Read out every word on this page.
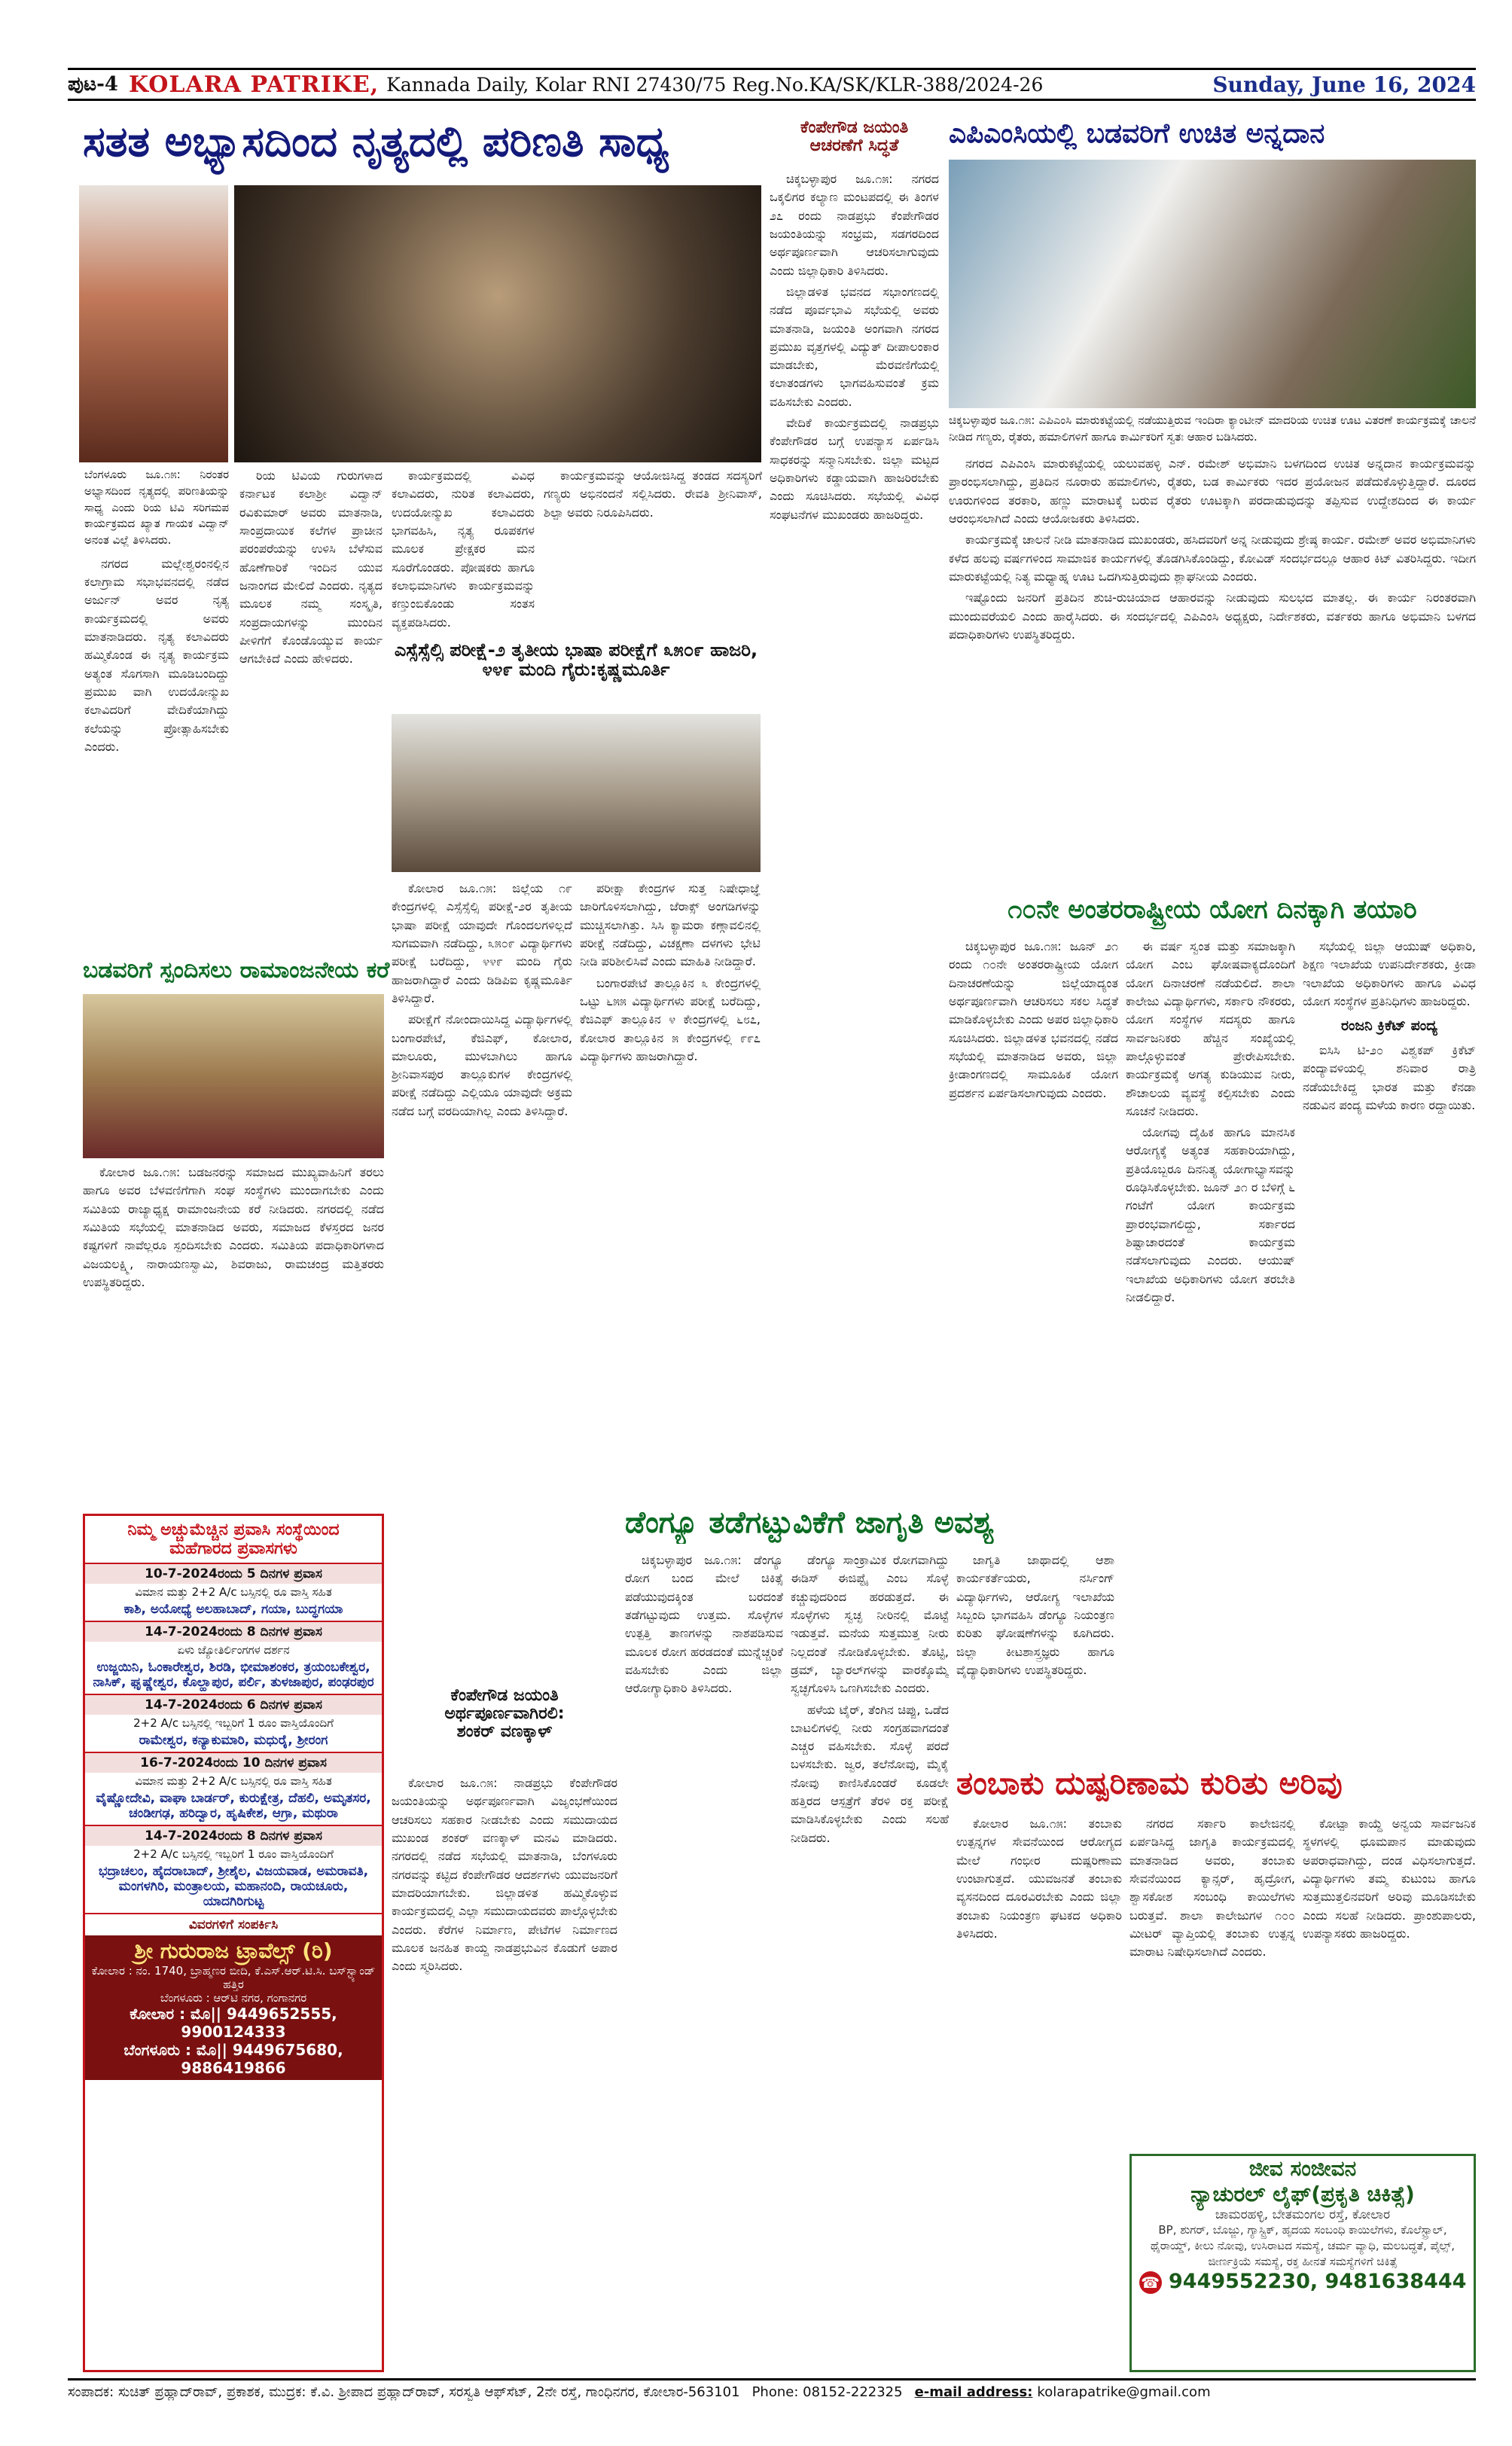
ಪುಟ-4 KOLARA PATRIKE, Kannada Daily, Kolar RNI 27430/75 Reg.No.KA/SK/KLR-388/2024-26	Sunday, June 16, 2024
ಸತತ ಅಭ್ಯಾಸದಿಂದ ನೃತ್ಯದಲ್ಲಿ ಪರಿಣತಿ ಸಾಧ್ಯ
ಬೆಂಗಳೂರು ಜೂ.೧೫: ನಿರಂತರ ಅಭ್ಯಾಸದಿಂದ ನೃತ್ಯದಲ್ಲಿ ಪರಿಣತಿಯನ್ನು ಸಾಧ್ಯ ಎಂದು ರಿಯ ಟಿವಿ ಸರಿಗಮಪ ಕಾರ್ಯಕ್ರಮದ ಖ್ಯಾತ ಗಾಯಕ ವಿದ್ವಾನ್ ಅನಂತ ವಿಲ್ಲೆ ತಿಳಿಸಿದರು.

ನಗರದ ಮಲ್ಲೇಶ್ವರಂನಲ್ಲಿನ ಕಲಾಗ್ರಾಮ ಸಭಾಭವನದಲ್ಲಿ ನಡೆದ ಅರ್ಜುನ್ ಅವರ ನೃತ್ಯ ಕಾರ್ಯಕ್ರಮದಲ್ಲಿ ಅವರು ಮಾತನಾಡಿದರು. ನೃತ್ಯ ಕಲಾವಿದರು ಹಮ್ಮಿಕೊಂಡ ಈ ನೃತ್ಯ ಕಾರ್ಯಕ್ರಮ ಅತ್ಯಂತ ಸೊಗಸಾಗಿ ಮೂಡಿಬಂದಿದ್ದು ಪ್ರಮುಖ ವಾಗಿ ಉದಯೋನ್ಮುಖ ಕಲಾವಿದರಿಗೆ ವೇದಿಕೆಯಾಗಿದ್ದು ಕಲೆಯನ್ನು ಪ್ರೋತ್ಸಾಹಿಸಬೇಕು ಎಂದರು.

ರಿಯ ಟಿವಿಯ ಗುರುಗಳಾದ ಕರ್ನಾಟಕ ಕಲಾಶ್ರೀ ವಿದ್ವಾನ್ ರವಿಕುಮಾರ್ ಅವರು ಮಾತನಾಡಿ, ಸಾಂಪ್ರದಾಯಿಕ ಕಲೆಗಳ ಪ್ರಾಚೀನ ಪರಂಪರೆಯನ್ನು ಉಳಿಸಿ ಬೆಳೆಸುವ ಹೊಣೆಗಾರಿಕೆ ಇಂದಿನ ಯುವ ಜನಾಂಗದ ಮೇಲಿದೆ ಎಂದರು. ನೃತ್ಯದ ಮೂಲಕ ನಮ್ಮ ಸಂಸ್ಕೃತಿ, ಸಂಪ್ರದಾಯಗಳನ್ನು ಮುಂದಿನ ಪೀಳಿಗೆಗೆ ಕೊಂಡೊಯ್ಯುವ ಕಾರ್ಯ ಆಗಬೇಕಿದೆ ಎಂದು ಹೇಳಿದರು.

ಕಾರ್ಯಕ್ರಮದಲ್ಲಿ ವಿವಿಧ ಕಲಾವಿದರು, ನುರಿತ ಕಲಾವಿದರು, ಉದಯೋನ್ಮುಖ ಕಲಾವಿದರು ಭಾಗವಹಿಸಿ, ನೃತ್ಯ ರೂಪಕಗಳ ಮೂಲಕ ಪ್ರೇಕ್ಷಕರ ಮನ ಸೂರೆಗೊಂಡರು. ಪೋಷಕರು ಹಾಗೂ ಕಲಾಭಿಮಾನಿಗಳು ಕಾರ್ಯಕ್ರಮವನ್ನು ಕಣ್ತುಂಬಿಕೊಂಡು ಸಂತಸ ವ್ಯಕ್ತಪಡಿಸಿದರು.

ಕಾರ್ಯಕ್ರಮವನ್ನು ಆಯೋಜಿಸಿದ್ದ ತಂಡದ ಸದಸ್ಯರಿಗೆ ಗಣ್ಯರು ಅಭಿನಂದನೆ ಸಲ್ಲಿಸಿದರು. ರೇವತಿ ಶ್ರೀನಿವಾಸ್, ಶಿಲ್ಪಾ ಅವರು ನಿರೂಪಿಸಿದರು.

ಎಸ್ಸೆಸ್ಸೆಲ್ಸಿ ಪರೀಕ್ಷೆ-೨ ತೃತೀಯ ಭಾಷಾ ಪರೀಕ್ಷೆಗೆ ೩೫೦೯ ಹಾಜರಿ, ೪೪೯ ಮಂದಿ ಗೈರು:ಕೃಷ್ಣಮೂರ್ತಿ

ಕೋಲಾರ ಜೂ.೧೫: ಜಿಲ್ಲೆಯ ೧೯ ಕೇಂದ್ರಗಳಲ್ಲಿ ಎಸ್ಸೆಸ್ಸೆಲ್ಸಿ ಪರೀಕ್ಷೆ-೨ರ ತೃತೀಯ ಭಾಷಾ ಪರೀಕ್ಷೆ ಯಾವುದೇ ಗೊಂದಲಗಳಿಲ್ಲದೆ ಸುಗಮವಾಗಿ ನಡೆದಿದ್ದು, ೩೫೦೯ ವಿದ್ಯಾರ್ಥಿಗಳು ಪರೀಕ್ಷೆ ಬರೆದಿದ್ದು, ೪೪೯ ಮಂದಿ ಗೈರು ಹಾಜರಾಗಿದ್ದಾರೆ ಎಂದು ಡಿಡಿಪಿಐ ಕೃಷ್ಣಮೂರ್ತಿ ತಿಳಿಸಿದ್ದಾರೆ.

ಪರೀಕ್ಷೆಗೆ ನೋಂದಾಯಿಸಿದ್ದ ವಿದ್ಯಾರ್ಥಿಗಳಲ್ಲಿ ಬಂಗಾರಪೇಟೆ, ಕೆಜಿಎಫ್, ಕೋಲಾರ, ಮಾಲೂರು, ಮುಳಬಾಗಿಲು ಹಾಗೂ ಶ್ರೀನಿವಾಸಪುರ ತಾಲ್ಲೂಕುಗಳ ಕೇಂದ್ರಗಳಲ್ಲಿ ಪರೀಕ್ಷೆ ನಡೆದಿದ್ದು ಎಲ್ಲಿಯೂ ಯಾವುದೇ ಅಕ್ರಮ ನಡೆದ ಬಗ್ಗೆ ವರದಿಯಾಗಿಲ್ಲ ಎಂದು ತಿಳಿಸಿದ್ದಾರೆ.

ಪರೀಕ್ಷಾ ಕೇಂದ್ರಗಳ ಸುತ್ತ ನಿಷೇಧಾಜ್ಞೆ ಜಾರಿಗೊಳಿಸಲಾಗಿದ್ದು, ಜೆರಾಕ್ಸ್ ಅಂಗಡಿಗಳನ್ನು ಮುಚ್ಚಿಸಲಾಗಿತ್ತು. ಸಿಸಿ ಕ್ಯಾಮರಾ ಕಣ್ಗಾವಲಿನಲ್ಲಿ ಪರೀಕ್ಷೆ ನಡೆದಿದ್ದು, ವಿಚಕ್ಷಣಾ ದಳಗಳು ಭೇಟಿ ನೀಡಿ ಪರಿಶೀಲಿಸಿವೆ ಎಂದು ಮಾಹಿತಿ ನೀಡಿದ್ದಾರೆ.

ಬಂಗಾರಪೇಟೆ ತಾಲ್ಲೂಕಿನ ೩ ಕೇಂದ್ರಗಳಲ್ಲಿ ಒಟ್ಟು ೬೫೫ ವಿದ್ಯಾರ್ಥಿಗಳು ಪರೀಕ್ಷೆ ಬರೆದಿದ್ದು, ಕೆಜಿಎಫ್ ತಾಲ್ಲೂಕಿನ ೪ ಕೇಂದ್ರಗಳಲ್ಲಿ ೬೮೭, ಕೋಲಾರ ತಾಲ್ಲೂಕಿನ ೫ ಕೇಂದ್ರಗಳಲ್ಲಿ ೯೯೭ ವಿದ್ಯಾರ್ಥಿಗಳು ಹಾಜರಾಗಿದ್ದಾರೆ.

ಕೆಂಪೇಗೌಡ ಜಯಂತಿ
ಆಚರಣೆಗೆ ಸಿದ್ಧತೆ

ಚಿಕ್ಕಬಳ್ಳಾಪುರ ಜೂ.೧೫: ನಗರದ ಒಕ್ಕಲಿಗರ ಕಲ್ಯಾಣ ಮಂಟಪದಲ್ಲಿ ಈ ತಿಂಗಳ ೨೭ ರಂದು ನಾಡಪ್ರಭು ಕೆಂಪೇಗೌಡರ ಜಯಂತಿಯನ್ನು ಸಂಭ್ರಮ, ಸಡಗರದಿಂದ ಅರ್ಥಪೂರ್ಣವಾಗಿ ಆಚರಿಸಲಾಗುವುದು ಎಂದು ಜಿಲ್ಲಾಧಿಕಾರಿ ತಿಳಿಸಿದರು.

ಜಿಲ್ಲಾಡಳಿತ ಭವನದ ಸಭಾಂಗಣದಲ್ಲಿ ನಡೆದ ಪೂರ್ವಭಾವಿ ಸಭೆಯಲ್ಲಿ ಅವರು ಮಾತನಾಡಿ, ಜಯಂತಿ ಅಂಗವಾಗಿ ನಗರದ ಪ್ರಮುಖ ವೃತ್ತಗಳಲ್ಲಿ ವಿದ್ಯುತ್ ದೀಪಾಲಂಕಾರ ಮಾಡಬೇಕು, ಮೆರವಣಿಗೆಯಲ್ಲಿ ಕಲಾತಂಡಗಳು ಭಾಗವಹಿಸುವಂತೆ ಕ್ರಮ ವಹಿಸಬೇಕು ಎಂದರು.

ವೇದಿಕೆ ಕಾರ್ಯಕ್ರಮದಲ್ಲಿ ನಾಡಪ್ರಭು ಕೆಂಪೇಗೌಡರ ಬಗ್ಗೆ ಉಪನ್ಯಾಸ ಏರ್ಪಡಿಸಿ ಸಾಧಕರನ್ನು ಸನ್ಮಾನಿಸಬೇಕು. ಜಿಲ್ಲಾ ಮಟ್ಟದ ಅಧಿಕಾರಿಗಳು ಕಡ್ಡಾಯವಾಗಿ ಹಾಜರಿರಬೇಕು ಎಂದು ಸೂಚಿಸಿದರು. ಸಭೆಯಲ್ಲಿ ವಿವಿಧ ಸಂಘಟನೆಗಳ ಮುಖಂಡರು ಹಾಜರಿದ್ದರು.

ಬಡವರಿಗೆ ಸ್ಪಂದಿಸಲು ರಾಮಾಂಜನೇಯ ಕರೆ

ಕೋಲಾರ ಜೂ.೧೫: ಬಡಜನರನ್ನು ಸಮಾಜದ ಮುಖ್ಯವಾಹಿನಿಗೆ ತರಲು ಹಾಗೂ ಅವರ ಬೆಳವಣಿಗೆಗಾಗಿ ಸಂಘ ಸಂಸ್ಥೆಗಳು ಮುಂದಾಗಬೇಕು ಎಂದು ಸಮಿತಿಯ ರಾಜ್ಯಾಧ್ಯಕ್ಷ ರಾಮಾಂಜನೇಯ ಕರೆ ನೀಡಿದರು. ನಗರದಲ್ಲಿ ನಡೆದ ಸಮಿತಿಯ ಸಭೆಯಲ್ಲಿ ಮಾತನಾಡಿದ ಅವರು, ಸಮಾಜದ ಕೆಳಸ್ತರದ ಜನರ ಕಷ್ಟಗಳಿಗೆ ನಾವೆಲ್ಲರೂ ಸ್ಪಂದಿಸಬೇಕು ಎಂದರು. ಸಮಿತಿಯ ಪದಾಧಿಕಾರಿಗಳಾದ ವಿಜಯಲಕ್ಷ್ಮಿ, ನಾರಾಯಣಸ್ವಾಮಿ, ಶಿವರಾಜು, ರಾಮಚಂದ್ರ ಮತ್ತಿತರರು ಉಪಸ್ಥಿತರಿದ್ದರು.

ನಿಮ್ಮ ಅಚ್ಚುಮೆಚ್ಚಿನ ಪ್ರವಾಸಿ ಸಂಸ್ಥೆಯಿಂದ
ಮಹೆಗಾರದ ಪ್ರವಾಸಗಳು
10-7-2024ರಂದು 5 ದಿನಗಳ ಪ್ರವಾಸ
ವಿಮಾನ ಮತ್ತು 2+2 A/c ಬಸ್ಸಿನಲ್ಲಿ ರೂ ವಾಸ್ತಿ ಸಹಿತ
ಕಾಶಿ, ಅಯೋಧ್ಯೆ ಅಲಹಾಬಾದ್, ಗಯಾ, ಬುದ್ಧಗಯಾ
14-7-2024ರಂದು 8 ದಿನಗಳ ಪ್ರವಾಸ
ಏಳು ಜ್ಯೋತಿರ್ಲಿಂಗಗಳ ದರ್ಶನ
ಉಜ್ಜಯಿನಿ, ಓಂಕಾರೇಶ್ವರ, ಶಿರಡಿ, ಭೀಮಾಶಂಕರ, ತ್ರಯಂಬಕೇಶ್ವರ, ನಾಸಿಕ್, ಘೃಷ್ಣೇಶ್ವರ, ಕೊಲ್ಹಾಪುರ, ಪರ್ಲಿ, ತುಳಜಾಪುರ, ಪಂಢರಪುರ
14-7-2024ರಂದು 6 ದಿನಗಳ ಪ್ರವಾಸ
2+2 A/c ಬಸ್ಸಿನಲ್ಲಿ ಇಬ್ಬರಿಗೆ 1 ರೂಂ ವಾಸ್ತಿಯೊಂದಿಗೆ
ರಾಮೇಶ್ವರ, ಕನ್ಯಾಕುಮಾರಿ, ಮಧುರೈ, ಶ್ರೀರಂಗ
16-7-2024ರಂದು 10 ದಿನಗಳ ಪ್ರವಾಸ
ವಿಮಾನ ಮತ್ತು 2+2 A/c ಬಸ್ಸಿನಲ್ಲಿ ರೂ ವಾಸ್ತಿ ಸಹಿತ
ವೈಷ್ಣೋದೇವಿ, ವಾಘಾ ಬಾರ್ಡರ್, ಕುರುಕ್ಷೇತ್ರ, ದೆಹಲಿ, ಅಮೃತಸರ, ಚಂಡೀಗಢ, ಹರಿದ್ವಾರ, ಹೃಷಿಕೇಶ, ಆಗ್ರಾ, ಮಥುರಾ
14-7-2024ರಂದು 8 ದಿನಗಳ ಪ್ರವಾಸ
2+2 A/c ಬಸ್ಸಿನಲ್ಲಿ ಇಬ್ಬರಿಗೆ 1 ರೂಂ ವಾಸ್ತಿಯೊಂದಿಗೆ
ಭದ್ರಾಚಲಂ, ಹೈದರಾಬಾದ್, ಶ್ರೀಶೈಲ, ವಿಜಯವಾಡ, ಅಮರಾವತಿ, ಮಂಗಳಗಿರಿ, ಮಂತ್ರಾಲಯ, ಮಹಾನಂದಿ, ರಾಯಚೂರು, ಯಾದಗಿರಿಗುಟ್ಟ
ವಿವರಗಳಿಗೆ ಸಂಪರ್ಕಿಸಿ
ಶ್ರೀ ಗುರುರಾಜ ಟ್ರಾವೆಲ್ಸ್ (ರಿ)
ಕೋಲಾರ : ನಂ. 1740, ಬ್ರಾಹ್ಮಣರ ಬೀದಿ, ಕೆ.ಎಸ್.ಆರ್.ಟಿ.ಸಿ. ಬಸ್‌ಸ್ಟ್ಯಾಂಡ್ ಹತ್ತಿರ
ಬೆಂಗಳೂರು : ಆರ್‌ಟಿ ನಗರ, ಗಂಗಾನಗರ
ಕೋಲಾರ : ಮೊ|| 9449652555, 9900124333
ಬೆಂಗಳೂರು : ಮೊ|| 9449675680, 9886419866
ಕೆಂಪೇಗೌಡ ಜಯಂತಿ
ಅರ್ಥಪೂರ್ಣವಾಗಿರಲಿ:
ಶಂಕರ್ ವಣಕ್ಕಾಳ್

ಕೋಲಾರ ಜೂ.೧೫: ನಾಡಪ್ರಭು ಕೆಂಪೇಗೌಡರ ಜಯಂತಿಯನ್ನು ಅರ್ಥಪೂರ್ಣವಾಗಿ ವಿಜೃಂಭಣೆಯಿಂದ ಆಚರಿಸಲು ಸಹಕಾರ ನೀಡಬೇಕು ಎಂದು ಸಮುದಾಯದ ಮುಖಂಡ ಶಂಕರ್ ವಣಕ್ಕಾಳ್ ಮನವಿ ಮಾಡಿದರು. ನಗರದಲ್ಲಿ ನಡೆದ ಸಭೆಯಲ್ಲಿ ಮಾತನಾಡಿ, ಬೆಂಗಳೂರು ನಗರವನ್ನು ಕಟ್ಟಿದ ಕೆಂಪೇಗೌಡರ ಆದರ್ಶಗಳು ಯುವಜನರಿಗೆ ಮಾದರಿಯಾಗಬೇಕು. ಜಿಲ್ಲಾಡಳಿತ ಹಮ್ಮಿಕೊಳ್ಳುವ ಕಾರ್ಯಕ್ರಮದಲ್ಲಿ ಎಲ್ಲಾ ಸಮುದಾಯದವರು ಪಾಲ್ಗೊಳ್ಳಬೇಕು ಎಂದರು. ಕೆರೆಗಳ ನಿರ್ಮಾಣ, ಪೇಟೆಗಳ ನಿರ್ಮಾಣದ ಮೂಲಕ ಜನಹಿತ ಕಾಯ್ದ ನಾಡಪ್ರಭುವಿನ ಕೊಡುಗೆ ಅಪಾರ ಎಂದು ಸ್ಮರಿಸಿದರು.

ಎಪಿಎಂಸಿಯಲ್ಲಿ ಬಡವರಿಗೆ ಉಚಿತ ಅನ್ನದಾನ
ಚಿಕ್ಕಬಳ್ಳಾಪುರ ಜೂ.೧೫: ಎಪಿಎಂಸಿ ಮಾರುಕಟ್ಟೆಯಲ್ಲಿ ನಡೆಯುತ್ತಿರುವ ಇಂದಿರಾ ಕ್ಯಾಂಟೀನ್ ಮಾದರಿಯ ಉಚಿತ ಊಟ ವಿತರಣೆ ಕಾರ್ಯಕ್ರಮಕ್ಕೆ ಚಾಲನೆ ನೀಡಿದ ಗಣ್ಯರು, ರೈತರು, ಹಮಾಲಿಗಳಿಗೆ ಹಾಗೂ ಕಾರ್ಮಿಕರಿಗೆ ಸ್ವತಃ ಆಹಾರ ಬಡಿಸಿದರು.

ನಗರದ ಎಪಿಎಂಸಿ ಮಾರುಕಟ್ಟೆಯಲ್ಲಿ ಯಲುವಹಳ್ಳಿ ಎನ್. ರಮೇಶ್ ಅಭಿಮಾನಿ ಬಳಗದಿಂದ ಉಚಿತ ಅನ್ನದಾನ ಕಾರ್ಯಕ್ರಮವನ್ನು ಪ್ರಾರಂಭಿಸಲಾಗಿದ್ದು, ಪ್ರತಿದಿನ ನೂರಾರು ಹಮಾಲಿಗಳು, ರೈತರು, ಬಡ ಕಾರ್ಮಿಕರು ಇದರ ಪ್ರಯೋಜನ ಪಡೆದುಕೊಳ್ಳುತ್ತಿದ್ದಾರೆ. ದೂರದ ಊರುಗಳಿಂದ ತರಕಾರಿ, ಹಣ್ಣು ಮಾರಾಟಕ್ಕೆ ಬರುವ ರೈತರು ಊಟಕ್ಕಾಗಿ ಪರದಾಡುವುದನ್ನು ತಪ್ಪಿಸುವ ಉದ್ದೇಶದಿಂದ ಈ ಕಾರ್ಯ ಆರಂಭಿಸಲಾಗಿದೆ ಎಂದು ಆಯೋಜಕರು ತಿಳಿಸಿದರು.

ಕಾರ್ಯಕ್ರಮಕ್ಕೆ ಚಾಲನೆ ನೀಡಿ ಮಾತನಾಡಿದ ಮುಖಂಡರು, ಹಸಿದವರಿಗೆ ಅನ್ನ ನೀಡುವುದು ಶ್ರೇಷ್ಠ ಕಾರ್ಯ. ರಮೇಶ್ ಅವರ ಅಭಿಮಾನಿಗಳು ಕಳೆದ ಹಲವು ವರ್ಷಗಳಿಂದ ಸಾಮಾಜಿಕ ಕಾರ್ಯಗಳಲ್ಲಿ ತೊಡಗಿಸಿಕೊಂಡಿದ್ದು, ಕೋವಿಡ್ ಸಂದರ್ಭದಲ್ಲೂ ಆಹಾರ ಕಿಟ್ ವಿತರಿಸಿದ್ದರು. ಇದೀಗ ಮಾರುಕಟ್ಟೆಯಲ್ಲಿ ನಿತ್ಯ ಮಧ್ಯಾಹ್ನ ಊಟ ಒದಗಿಸುತ್ತಿರುವುದು ಶ್ಲಾಘನೀಯ ಎಂದರು.

ಇಷ್ಟೊಂದು ಜನರಿಗೆ ಪ್ರತಿದಿನ ಶುಚಿ-ರುಚಿಯಾದ ಆಹಾರವನ್ನು ನೀಡುವುದು ಸುಲಭದ ಮಾತಲ್ಲ. ಈ ಕಾರ್ಯ ನಿರಂತರವಾಗಿ ಮುಂದುವರೆಯಲಿ ಎಂದು ಹಾರೈಸಿದರು. ಈ ಸಂದರ್ಭದಲ್ಲಿ ಎಪಿಎಂಸಿ ಅಧ್ಯಕ್ಷರು, ನಿರ್ದೇಶಕರು, ವರ್ತಕರು ಹಾಗೂ ಅಭಿಮಾನಿ ಬಳಗದ ಪದಾಧಿಕಾರಿಗಳು ಉಪಸ್ಥಿತರಿದ್ದರು.

೧೦ನೇ ಅಂತರರಾಷ್ಟ್ರೀಯ ಯೋಗ ದಿನಕ್ಕಾಗಿ ತಯಾರಿ

ಚಿಕ್ಕಬಳ್ಳಾಪುರ ಜೂ.೧೫: ಜೂನ್ ೨೧ ರಂದು ೧೦ನೇ ಅಂತರರಾಷ್ಟ್ರೀಯ ಯೋಗ ದಿನಾಚರಣೆಯನ್ನು ಜಿಲ್ಲೆಯಾದ್ಯಂತ ಅರ್ಥಪೂರ್ಣವಾಗಿ ಆಚರಿಸಲು ಸಕಲ ಸಿದ್ಧತೆ ಮಾಡಿಕೊಳ್ಳಬೇಕು ಎಂದು ಅಪರ ಜಿಲ್ಲಾಧಿಕಾರಿ ಸೂಚಿಸಿದರು. ಜಿಲ್ಲಾಡಳಿತ ಭವನದಲ್ಲಿ ನಡೆದ ಸಭೆಯಲ್ಲಿ ಮಾತನಾಡಿದ ಅವರು, ಜಿಲ್ಲಾ ಕ್ರೀಡಾಂಗಣದಲ್ಲಿ ಸಾಮೂಹಿಕ ಯೋಗ ಪ್ರದರ್ಶನ ಏರ್ಪಡಿಸಲಾಗುವುದು ಎಂದರು.

ಈ ವರ್ಷ ಸ್ವಂತ ಮತ್ತು ಸಮಾಜಕ್ಕಾಗಿ ಯೋಗ ಎಂಬ ಘೋಷವಾಕ್ಯದೊಂದಿಗೆ ಯೋಗ ದಿನಾಚರಣೆ ನಡೆಯಲಿದೆ. ಶಾಲಾ ಕಾಲೇಜು ವಿದ್ಯಾರ್ಥಿಗಳು, ಸರ್ಕಾರಿ ನೌಕರರು, ಯೋಗ ಸಂಸ್ಥೆಗಳ ಸದಸ್ಯರು ಹಾಗೂ ಸಾರ್ವಜನಿಕರು ಹೆಚ್ಚಿನ ಸಂಖ್ಯೆಯಲ್ಲಿ ಪಾಲ್ಗೊಳ್ಳುವಂತೆ ಪ್ರೇರೇಪಿಸಬೇಕು. ಕಾರ್ಯಕ್ರಮಕ್ಕೆ ಅಗತ್ಯ ಕುಡಿಯುವ ನೀರು, ಶೌಚಾಲಯ ವ್ಯವಸ್ಥೆ ಕಲ್ಪಿಸಬೇಕು ಎಂದು ಸೂಚನೆ ನೀಡಿದರು.

ಯೋಗವು ದೈಹಿಕ ಹಾಗೂ ಮಾನಸಿಕ ಆರೋಗ್ಯಕ್ಕೆ ಅತ್ಯಂತ ಸಹಕಾರಿಯಾಗಿದ್ದು, ಪ್ರತಿಯೊಬ್ಬರೂ ದಿನನಿತ್ಯ ಯೋಗಾಭ್ಯಾಸವನ್ನು ರೂಢಿಸಿಕೊಳ್ಳಬೇಕು. ಜೂನ್ ೨೧ ರ ಬೆಳಿಗ್ಗೆ ೬ ಗಂಟೆಗೆ ಯೋಗ ಕಾರ್ಯಕ್ರಮ ಪ್ರಾರಂಭವಾಗಲಿದ್ದು, ಸರ್ಕಾರದ ಶಿಷ್ಟಾಚಾರದಂತೆ ಕಾರ್ಯಕ್ರಮ ನಡೆಸಲಾಗುವುದು ಎಂದರು. ಆಯುಷ್ ಇಲಾಖೆಯ ಅಧಿಕಾರಿಗಳು ಯೋಗ ತರಬೇತಿ ನೀಡಲಿದ್ದಾರೆ.

ಸಭೆಯಲ್ಲಿ ಜಿಲ್ಲಾ ಆಯುಷ್ ಅಧಿಕಾರಿ, ಶಿಕ್ಷಣ ಇಲಾಖೆಯ ಉಪನಿರ್ದೇಶಕರು, ಕ್ರೀಡಾ ಇಲಾಖೆಯ ಅಧಿಕಾರಿಗಳು ಹಾಗೂ ವಿವಿಧ ಯೋಗ ಸಂಸ್ಥೆಗಳ ಪ್ರತಿನಿಧಿಗಳು ಹಾಜರಿದ್ದರು.

ರಂಜನಿ ಕ್ರಿಕೆಟ್ ಪಂದ್ಯ

ಐಸಿಸಿ ಟಿ-೨೦ ವಿಶ್ವಕಪ್ ಕ್ರಿಕೆಟ್ ಪಂದ್ಯಾವಳಿಯಲ್ಲಿ ಶನಿವಾರ ರಾತ್ರಿ ನಡೆಯಬೇಕಿದ್ದ ಭಾರತ ಮತ್ತು ಕೆನಡಾ ನಡುವಿನ ಪಂದ್ಯ ಮಳೆಯ ಕಾರಣ ರದ್ದಾಯಿತು.

ಡೆಂಗ್ಯೂ ತಡೆಗಟ್ಟುವಿಕೆಗೆ ಜಾಗೃತಿ ಅವಶ್ಯ

ಚಿಕ್ಕಬಳ್ಳಾಪುರ ಜೂ.೧೫: ಡೆಂಗ್ಯೂ ರೋಗ ಬಂದ ಮೇಲೆ ಚಿಕಿತ್ಸೆ ಪಡೆಯುವುದಕ್ಕಿಂತ ಬರದಂತೆ ತಡೆಗಟ್ಟುವುದು ಉತ್ತಮ. ಸೊಳ್ಳೆಗಳ ಉತ್ಪತ್ತಿ ತಾಣಗಳನ್ನು ನಾಶಪಡಿಸುವ ಮೂಲಕ ರೋಗ ಹರಡದಂತೆ ಮುನ್ನೆಚ್ಚರಿಕೆ ವಹಿಸಬೇಕು ಎಂದು ಜಿಲ್ಲಾ ಆರೋಗ್ಯಾಧಿಕಾರಿ ತಿಳಿಸಿದರು.

ಡೆಂಗ್ಯೂ ಸಾಂಕ್ರಾಮಿಕ ರೋಗವಾಗಿದ್ದು ಈಡಿಸ್ ಈಜಿಪ್ಟೈ ಎಂಬ ಸೊಳ್ಳೆ ಕಚ್ಚುವುದರಿಂದ ಹರಡುತ್ತದೆ. ಈ ಸೊಳ್ಳೆಗಳು ಸ್ವಚ್ಛ ನೀರಿನಲ್ಲಿ ಮೊಟ್ಟೆ ಇಡುತ್ತವೆ. ಮನೆಯ ಸುತ್ತಮುತ್ತ ನೀರು ನಿಲ್ಲದಂತೆ ನೋಡಿಕೊಳ್ಳಬೇಕು. ತೊಟ್ಟಿ, ಡ್ರಮ್, ಬ್ಯಾರಲ್‌ಗಳನ್ನು ವಾರಕ್ಕೊಮ್ಮೆ ಸ್ವಚ್ಛಗೊಳಿಸಿ ಒಣಗಿಸಬೇಕು ಎಂದರು.

ಹಳೆಯ ಟೈರ್, ತೆಂಗಿನ ಚಿಪ್ಪು, ಒಡೆದ ಬಾಟಲಿಗಳಲ್ಲಿ ನೀರು ಸಂಗ್ರಹವಾಗದಂತೆ ಎಚ್ಚರ ವಹಿಸಬೇಕು. ಸೊಳ್ಳೆ ಪರದೆ ಬಳಸಬೇಕು. ಜ್ವರ, ತಲೆನೋವು, ಮೈಕೈ ನೋವು ಕಾಣಿಸಿಕೊಂಡರೆ ಕೂಡಲೇ ಹತ್ತಿರದ ಆಸ್ಪತ್ರೆಗೆ ತೆರಳಿ ರಕ್ತ ಪರೀಕ್ಷೆ ಮಾಡಿಸಿಕೊಳ್ಳಬೇಕು ಎಂದು ಸಲಹೆ ನೀಡಿದರು.

ಜಾಗೃತಿ ಜಾಥಾದಲ್ಲಿ ಆಶಾ ಕಾರ್ಯಕರ್ತೆಯರು, ನರ್ಸಿಂಗ್ ವಿದ್ಯಾರ್ಥಿಗಳು, ಆರೋಗ್ಯ ಇಲಾಖೆಯ ಸಿಬ್ಬಂದಿ ಭಾಗವಹಿಸಿ ಡೆಂಗ್ಯೂ ನಿಯಂತ್ರಣ ಕುರಿತು ಘೋಷಣೆಗಳನ್ನು ಕೂಗಿದರು. ಜಿಲ್ಲಾ ಕೀಟಶಾಸ್ತ್ರಜ್ಞರು ಹಾಗೂ ವೈದ್ಯಾಧಿಕಾರಿಗಳು ಉಪಸ್ಥಿತರಿದ್ದರು.

ತಂಬಾಕು ದುಷ್ಪರಿಣಾಮ ಕುರಿತು ಅರಿವು

ಕೋಲಾರ ಜೂ.೧೫: ತಂಬಾಕು ಉತ್ಪನ್ನಗಳ ಸೇವನೆಯಿಂದ ಆರೋಗ್ಯದ ಮೇಲೆ ಗಂಭೀರ ದುಷ್ಪರಿಣಾಮ ಉಂಟಾಗುತ್ತದೆ. ಯುವಜನತೆ ತಂಬಾಕು ವ್ಯಸನದಿಂದ ದೂರವಿರಬೇಕು ಎಂದು ಜಿಲ್ಲಾ ತಂಬಾಕು ನಿಯಂತ್ರಣ ಘಟಕದ ಅಧಿಕಾರಿ ತಿಳಿಸಿದರು.

ನಗರದ ಸರ್ಕಾರಿ ಕಾಲೇಜಿನಲ್ಲಿ ಏರ್ಪಡಿಸಿದ್ದ ಜಾಗೃತಿ ಕಾರ್ಯಕ್ರಮದಲ್ಲಿ ಮಾತನಾಡಿದ ಅವರು, ತಂಬಾಕು ಸೇವನೆಯಿಂದ ಕ್ಯಾನ್ಸರ್, ಹೃದ್ರೋಗ, ಶ್ವಾಸಕೋಶ ಸಂಬಂಧಿ ಕಾಯಿಲೆಗಳು ಬರುತ್ತವೆ. ಶಾಲಾ ಕಾಲೇಜುಗಳ ೧೦೦ ಮೀಟರ್ ವ್ಯಾಪ್ತಿಯಲ್ಲಿ ತಂಬಾಕು ಉತ್ಪನ್ನ ಮಾರಾಟ ನಿಷೇಧಿಸಲಾಗಿದೆ ಎಂದರು.

ಕೋಟ್ಪಾ ಕಾಯ್ದೆ ಅನ್ವಯ ಸಾರ್ವಜನಿಕ ಸ್ಥಳಗಳಲ್ಲಿ ಧೂಮಪಾನ ಮಾಡುವುದು ಅಪರಾಧವಾಗಿದ್ದು, ದಂಡ ವಿಧಿಸಲಾಗುತ್ತದೆ. ವಿದ್ಯಾರ್ಥಿಗಳು ತಮ್ಮ ಕುಟುಂಬ ಹಾಗೂ ಸುತ್ತಮುತ್ತಲಿನವರಿಗೆ ಅರಿವು ಮೂಡಿಸಬೇಕು ಎಂದು ಸಲಹೆ ನೀಡಿದರು. ಪ್ರಾಂಶುಪಾಲರು, ಉಪನ್ಯಾಸಕರು ಹಾಜರಿದ್ದರು.

ಜೀವ ಸಂಜೀವನ
ನ್ಯಾಚುರಲ್ ಲೈಫ್(ಪ್ರಕೃತಿ ಚಿಕಿತ್ಸೆ)
ಚಾಮರಹಳ್ಳಿ, ಬೇತಮಂಗಲ ರಸ್ತೆ, ಕೋಲಾರ
BP, ಶುಗರ್, ಬೊಜ್ಜು, ಗ್ಯಾಸ್ಟ್ರಿಕ್, ಹೃದಯ ಸಂಬಂಧಿ ಕಾಯಿಲೆಗಳು, ಕೊಲೆಸ್ಟ್ರಾಲ್, ಥೈರಾಯ್ಡ್, ಕೀಲು ನೋವು, ಉಸಿರಾಟದ ಸಮಸ್ಯೆ, ಚರ್ಮ ವ್ಯಾಧಿ, ಮಲಬದ್ಧತೆ, ಪೈಲ್ಸ್, ಜೀರ್ಣಕ್ರಿಯೆ ಸಮಸ್ಯೆ, ರಕ್ತ ಹೀನತೆ ಸಮಸ್ಯೆಗಳಿಗೆ ಚಿಕಿತ್ಸೆ
☎ 9449552230, 9481638444
ಸಂಪಾದಕ: ಸುಚಿತ್ ಪ್ರಹ್ಲಾದ್‌ರಾವ್, ಪ್ರಕಾಶಕ, ಮುದ್ರಕ: ಕೆ.ವಿ. ಶ್ರೀಪಾದ ಪ್ರಹ್ಲಾದ್‌ರಾವ್, ಸರಸ್ವತಿ ಆಫ್‌ಸೆಟ್, 2ನೇ ರಸ್ತೆ, ಗಾಂಧಿನಗರ, ಕೋಲಾರ-563101 Phone: 08152-222325 e-mail address: kolarapatrike@gmail.com
